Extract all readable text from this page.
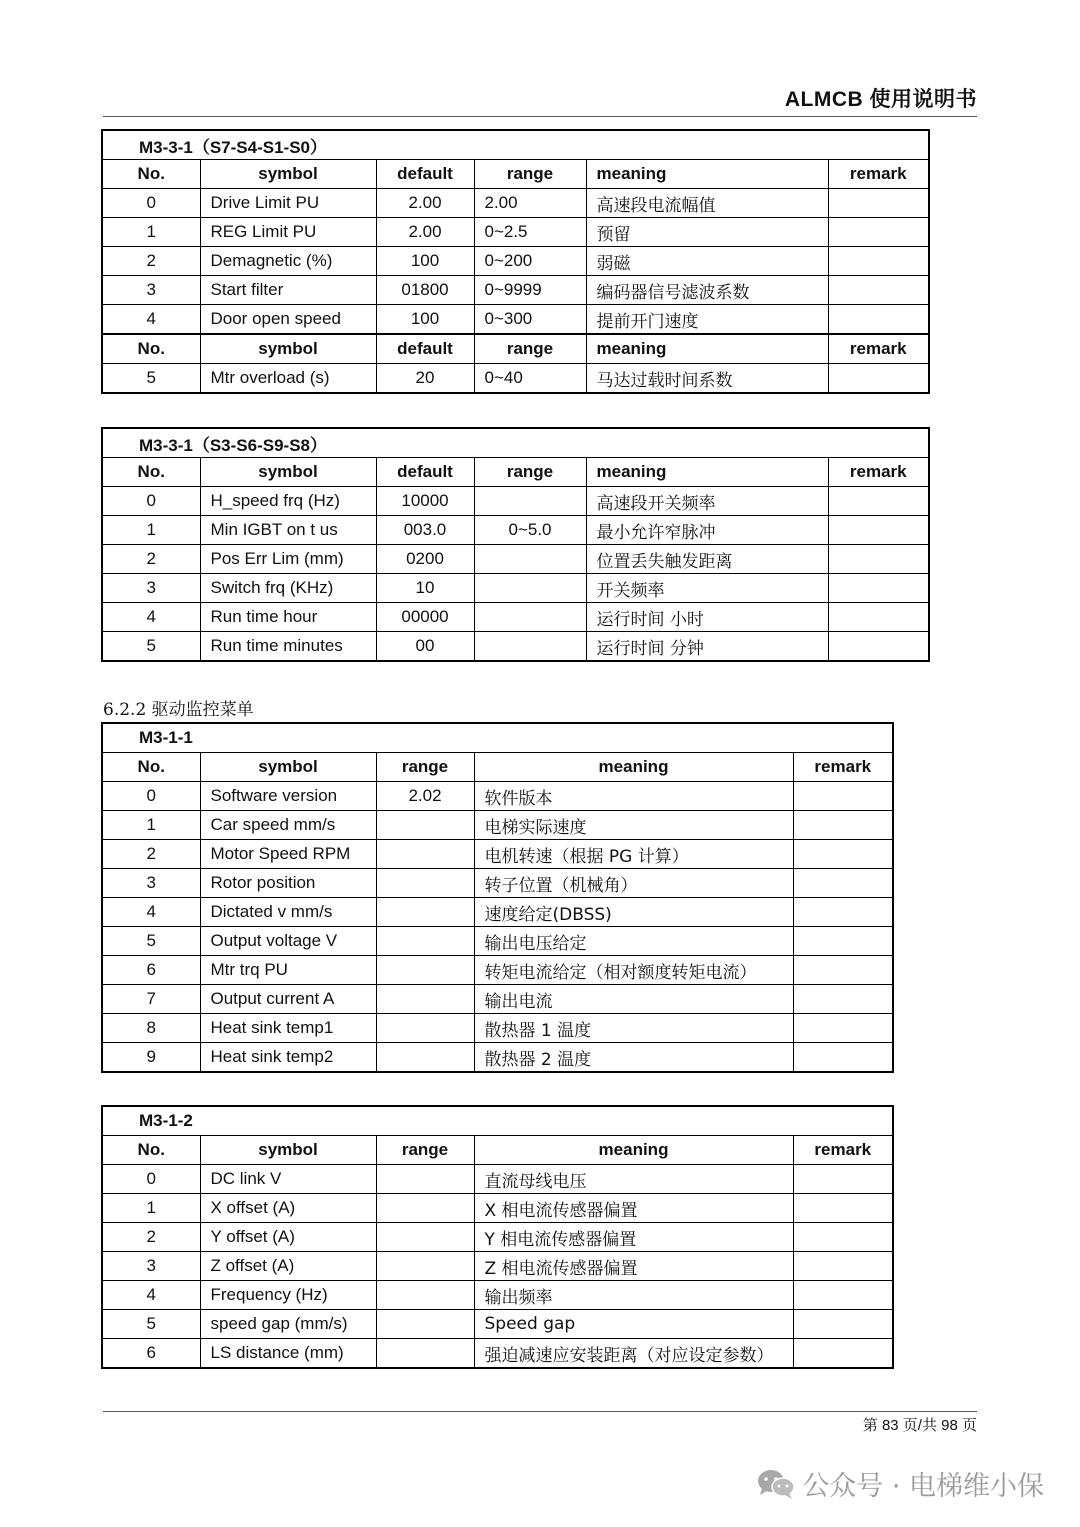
ALMCB 使用说明书
M3-3-1（S7-S4-S1-S0）					
No.	symbol	default	range	meaning	remark
0	Drive Limit PU	2.00	2.00	高速段电流幅值	
1	REG Limit PU	2.00	0~2.5	预留	
2	Demagnetic (%)	100	0~200	弱磁	
3	Start filter	01800	0~9999	编码器信号滤波系数	
4	Door open speed	100	0~300	提前开门速度	
No.	symbol	default	range	meaning	remark
5	Mtr overload (s)	20	0~40	马达过载时间系数	
M3-3-1（S3-S6-S9-S8）					
No.	symbol	default	range	meaning	remark
0	H_speed frq (Hz)	10000		高速段开关频率	
1	Min IGBT on t us	003.0	0~5.0	最小允许窄脉冲	
2	Pos Err Lim (mm)	0200		位置丢失触发距离	
3	Switch frq (KHz)	10		开关频率	
4	Run time hour	00000		运行时间 小时	
5	Run time minutes	00		运行时间 分钟	
6.2.2 驱动监控菜单
M3-1-1				
No.	symbol	range	meaning	remark
0	Software version	2.02	软件版本	
1	Car speed mm/s		电梯实际速度	
2	Motor Speed RPM		电机转速（根据 PG 计算）	
3	Rotor position		转子位置（机械角）	
4	Dictated v mm/s		速度给定(DBSS)	
5	Output voltage V		输出电压给定	
6	Mtr trq PU		转矩电流给定（相对额度转矩电流）	
7	Output current A		输出电流	
8	Heat sink temp1		散热器 1 温度	
9	Heat sink temp2		散热器 2 温度	
M3-1-2				
No.	symbol	range	meaning	remark
0	DC link V		直流母线电压	
1	X offset (A)		X 相电流传感器偏置	
2	Y offset (A)		Y 相电流传感器偏置	
3	Z offset (A)		Z 相电流传感器偏置	
4	Frequency (Hz)		输出频率	
5	speed gap (mm/s)		Speed gap	
6	LS distance (mm)		强迫减速应安装距离（对应设定参数）	
第 83 页/共 98 页
公众号 · 电梯维小保
